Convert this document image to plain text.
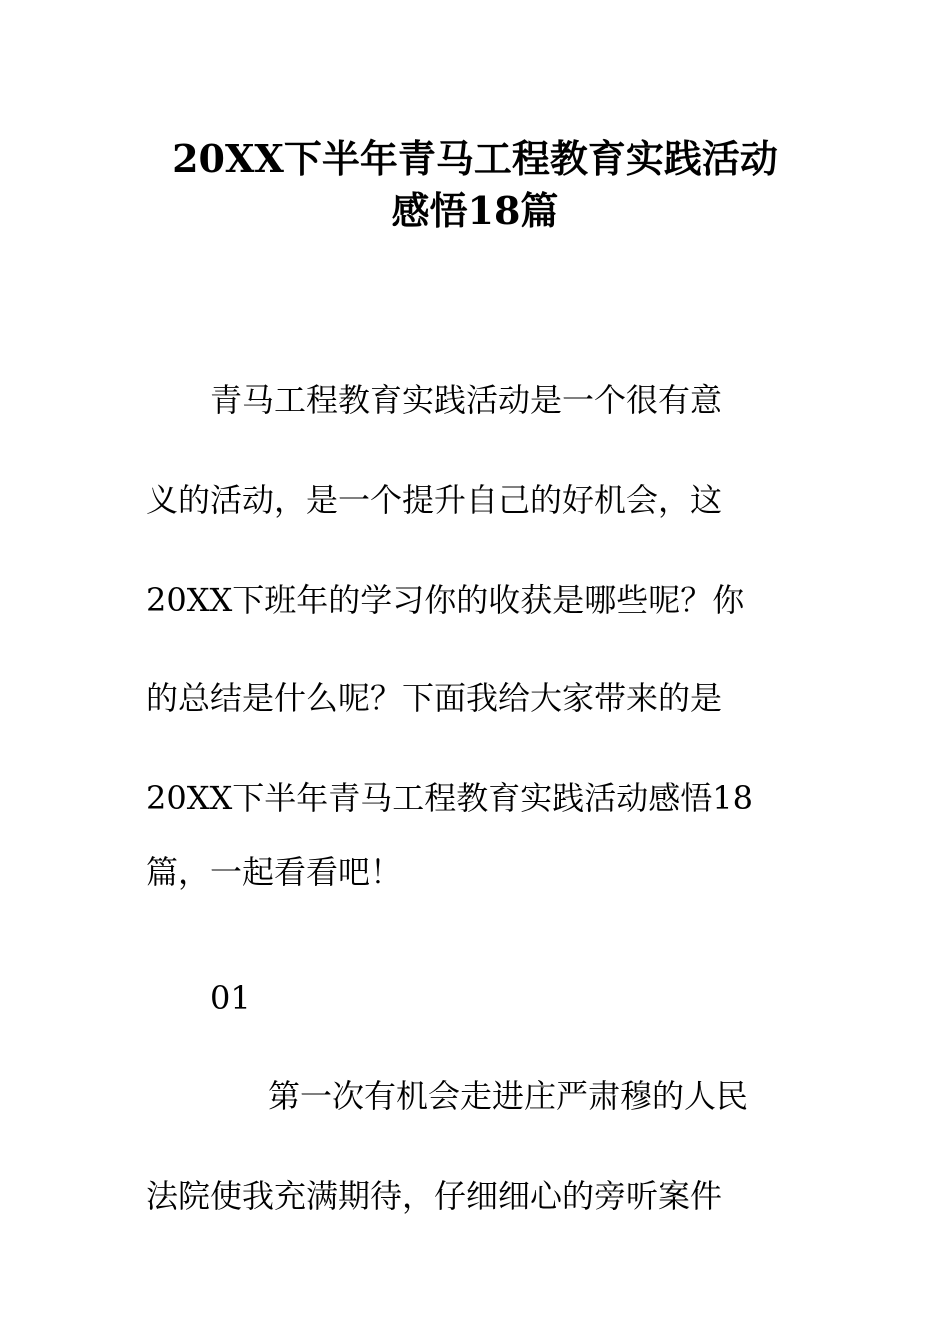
20XX下半年青马工程教育实践活动
感悟18篇
青马工程教育实践活动是一个很有意
义的活动，是一个提升自己的好机会，这
20XX下班年的学习你的收获是哪些呢？你
的总结是什么呢？下面我给大家带来的是
20XX下半年青马工程教育实践活动感悟18
篇，一起看看吧！
01
第一次有机会走进庄严肃穆的人民
法院使我充满期待，仔细细心的旁听案件
